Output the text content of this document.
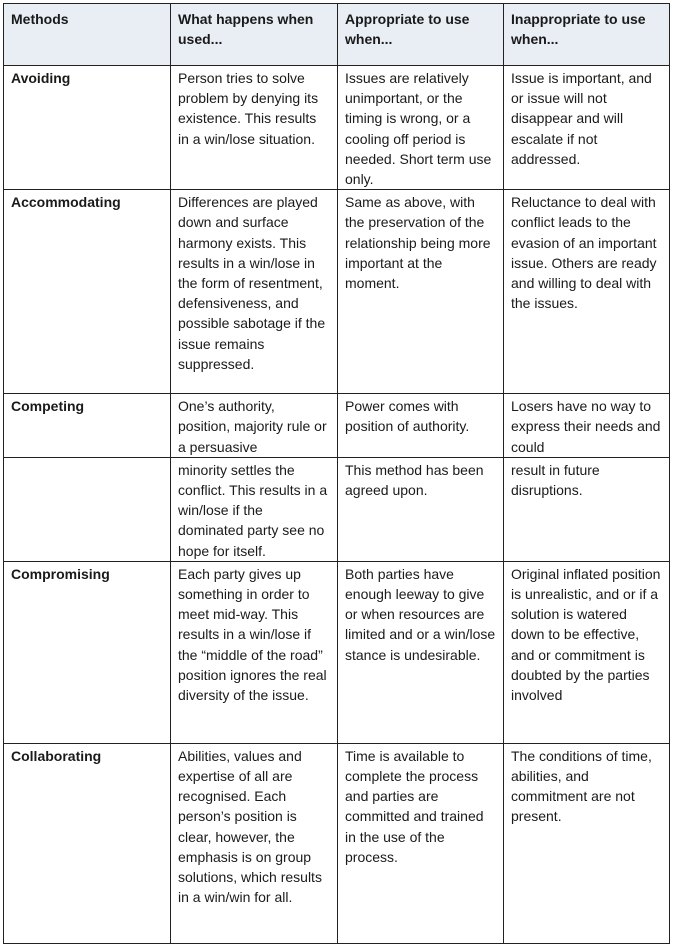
Methods	What happens when used...	Appropriate to use when...	Inappropriate to use when...
Avoiding	Person tries to solve problem by denying its existence. This results in a win/lose situation.	Issues are relatively unimportant, or the timing is wrong, or a cooling off period is needed. Short term use only.	Issue is important, and or issue will not disappear and will escalate if not addressed.
Accommodating	Differences are played down and surface harmony exists. This results in a win/lose in the form of resentment, defensiveness, and possible sabotage if the issue remains suppressed.	Same as above, with the preservation of the relationship being more important at the moment.	Reluctance to deal with conflict leads to the evasion of an important issue. Others are ready and willing to deal with the issues.
Competing	One’s authority, position, majority rule or a persuasive	Power comes with position of authority.	Losers have no way to express their needs and could
	minority settles the conflict. This results in a win/lose if the dominated party see no hope for itself.	This method has been agreed upon.	result in future disruptions.
Compromising	Each party gives up something in order to meet mid-way. This results in a win/lose if the “middle of the road” position ignores the real diversity of the issue.	Both parties have enough leeway to give or when resources are limited and or a win/lose stance is undesirable.	Original inflated position is unrealistic, and or if a solution is watered down to be effective, and or commitment is doubted by the parties involved
Collaborating	Abilities, values and expertise of all are recognised. Each person’s position is clear, however, the emphasis is on group solutions, which results in a win/win for all.	Time is available to complete the process and parties are committed and trained in the use of the process.	The conditions of time, abilities, and commitment are not present.
